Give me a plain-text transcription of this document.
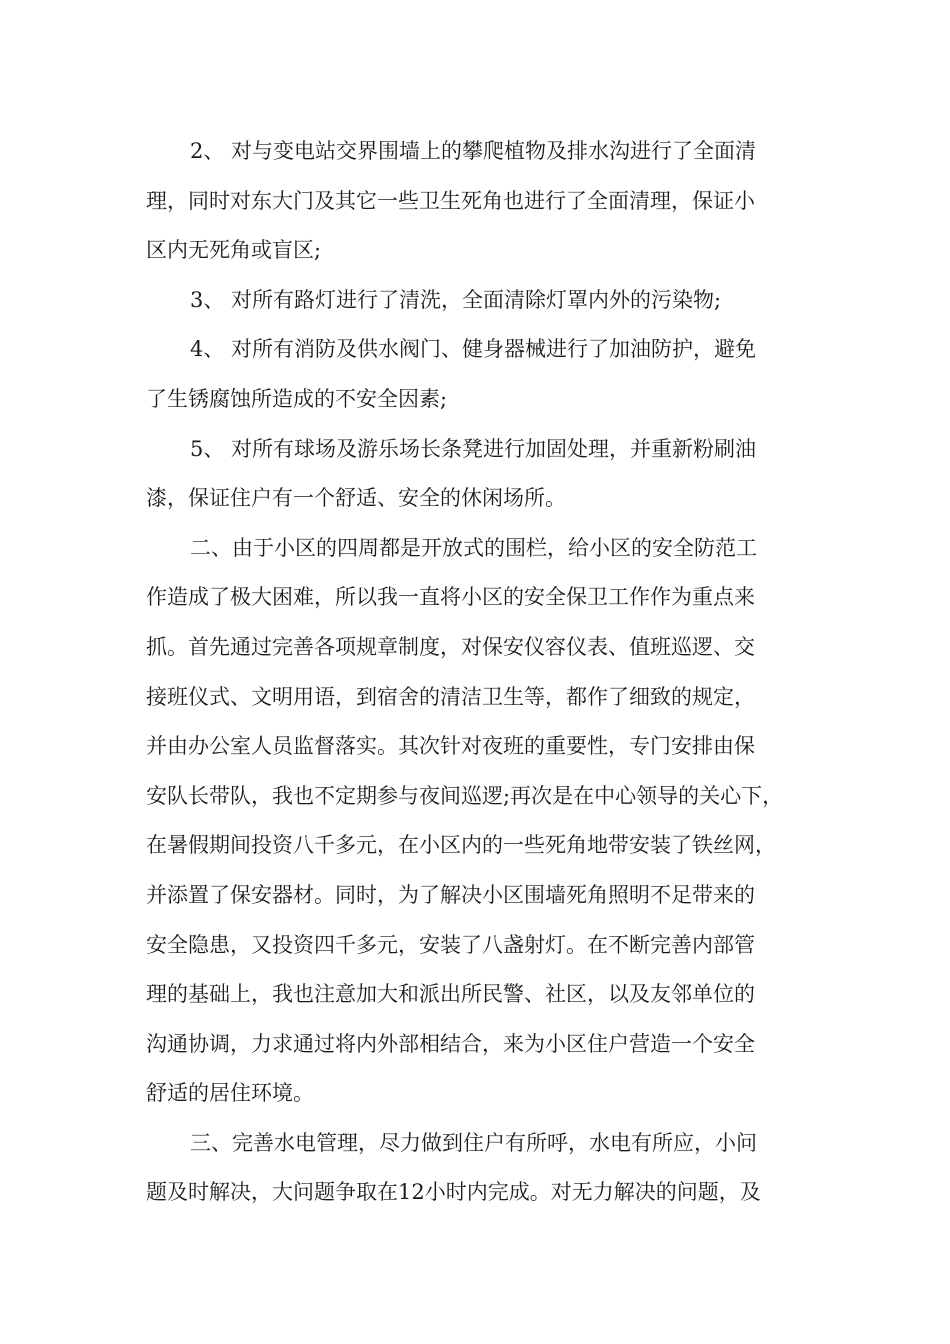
2、 对与变电站交界围墙上的攀爬植物及排水沟进行了全面清
理，同时对东大门及其它一些卫生死角也进行了全面清理，保证小
区内无死角或盲区;
3、 对所有路灯进行了清洗，全面清除灯罩内外的污染物;
4、 对所有消防及供水阀门、健身器械进行了加油防护，避免
了生锈腐蚀所造成的不安全因素;
5、 对所有球场及游乐场长条凳进行加固处理，并重新粉刷油
漆，保证住户有一个舒适、安全的休闲场所。
二、由于小区的四周都是开放式的围栏，给小区的安全防范工
作造成了极大困难，所以我一直将小区的安全保卫工作作为重点来
抓。首先通过完善各项规章制度，对保安仪容仪表、值班巡逻、交
接班仪式、文明用语，到宿舍的清洁卫生等，都作了细致的规定，
并由办公室人员监督落实。其次针对夜班的重要性，专门安排由保
安队长带队，我也不定期参与夜间巡逻;再次是在中心领导的关心下，
在暑假期间投资八千多元，在小区内的一些死角地带安装了铁丝网，
并添置了保安器材。同时，为了解决小区围墙死角照明不足带来的
安全隐患，又投资四千多元，安装了八盏射灯。在不断完善内部管
理的基础上，我也注意加大和派出所民警、社区，以及友邻单位的
沟通协调，力求通过将内外部相结合，来为小区住户营造一个安全
舒适的居住环境。
三、完善水电管理，尽力做到住户有所呼，水电有所应，小问
题及时解决，大问题争取在12小时内完成。对无力解决的问题，及
